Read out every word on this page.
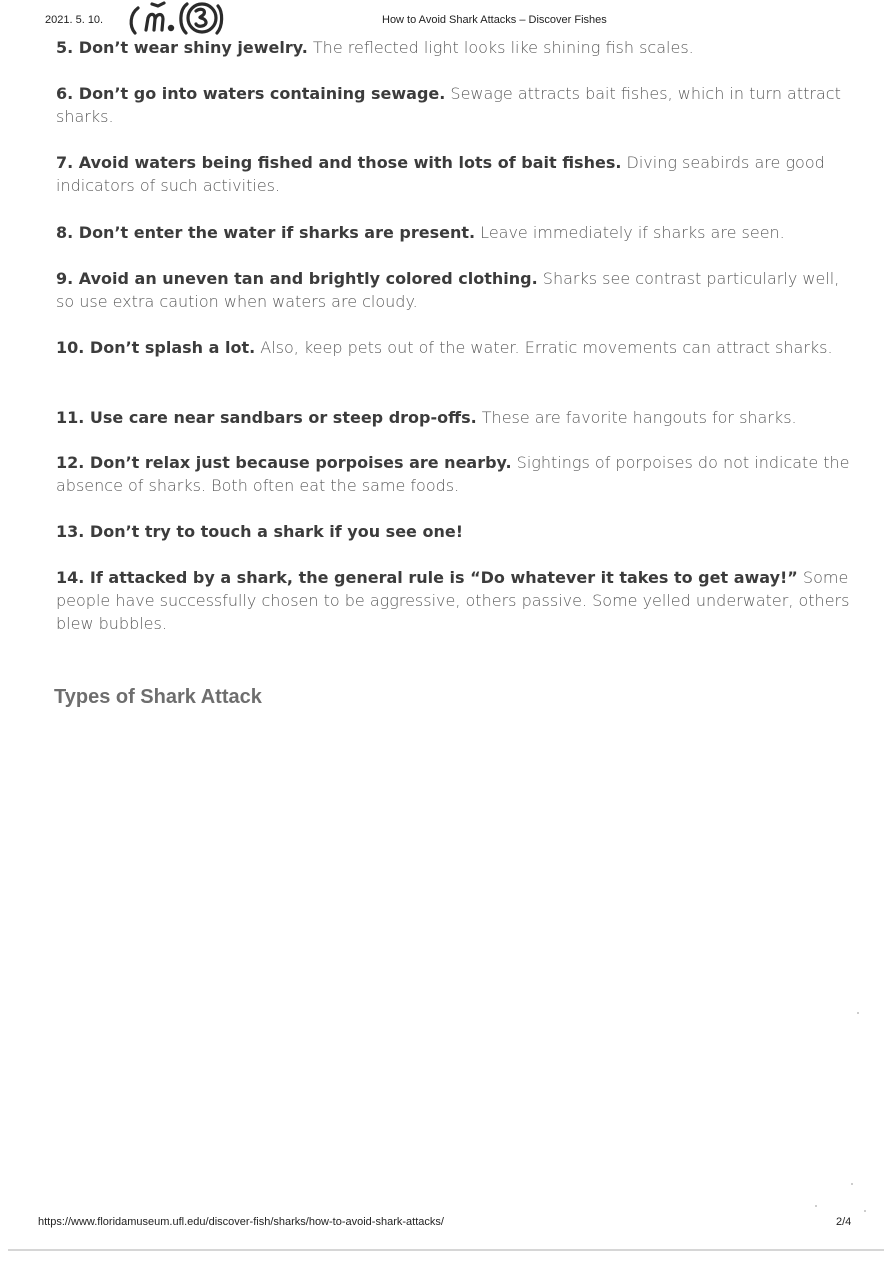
2021. 5. 10.	How to Avoid Shark Attacks – Discover Fishes
5. Don’t wear shiny jewelry. The reflected light looks like shining fish scales.
6. Don’t go into waters containing sewage. Sewage attracts bait fishes, which in turn attract sharks.
7. Avoid waters being fished and those with lots of bait fishes. Diving seabirds are good indicators of such activities.
8. Don’t enter the water if sharks are present. Leave immediately if sharks are seen.
9. Avoid an uneven tan and brightly colored clothing. Sharks see contrast particularly well, so use extra caution when waters are cloudy.
10. Don’t splash a lot. Also, keep pets out of the water. Erratic movements can attract sharks.
11. Use care near sandbars or steep drop-offs. These are favorite hangouts for sharks.
12. Don’t relax just because porpoises are nearby. Sightings of porpoises do not indicate the absence of sharks. Both often eat the same foods.
13. Don’t try to touch a shark if you see one!
14. If attacked by a shark, the general rule is “Do whatever it takes to get away!” Some people have successfully chosen to be aggressive, others passive. Some yelled underwater, others blew bubbles.
Types of Shark Attack
https://www.floridamuseum.ufl.edu/discover-fish/sharks/how-to-avoid-shark-attacks/	2/4
